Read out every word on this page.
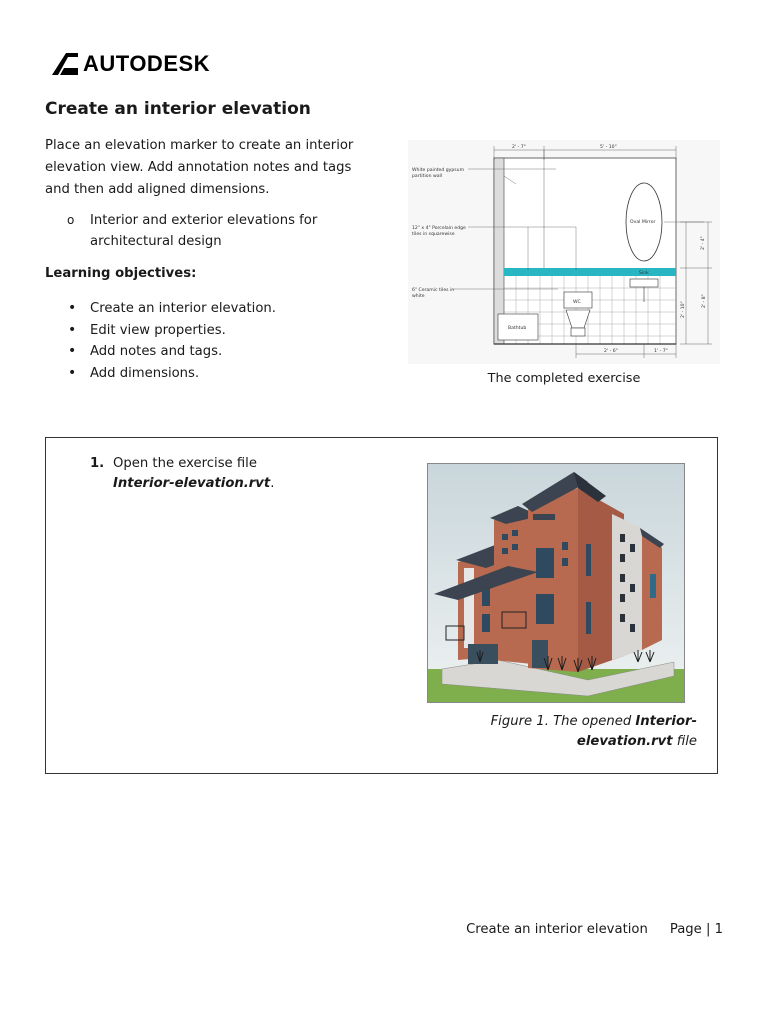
AUTODESK
Create an interior elevation

Place an elevation marker to create an interior elevation view. Add annotation notes and tags and then add aligned dimensions.

o Interior and exterior elevations for architectural design

Learning objectives:

• Create an interior elevation.
• Edit view properties.
• Add notes and tags.
• Add dimensions.
Oval Mirror
Sink
WC
Bathtub
White painted gypsum
partition wall
12" x 4" Porcelain edge
tiles in squarewise
6" Ceramic tiles in
white
2' - 7"	5' - 10"
2' - 4"
2' - 10"
2' - 8"
2' - 6"	1' - 7"
The completed exercise
1. Open the exercise file Interior-elevation.rvt.
Figure 1. The opened Interior-elevation.rvt file
Create an interior elevation Page | 1
